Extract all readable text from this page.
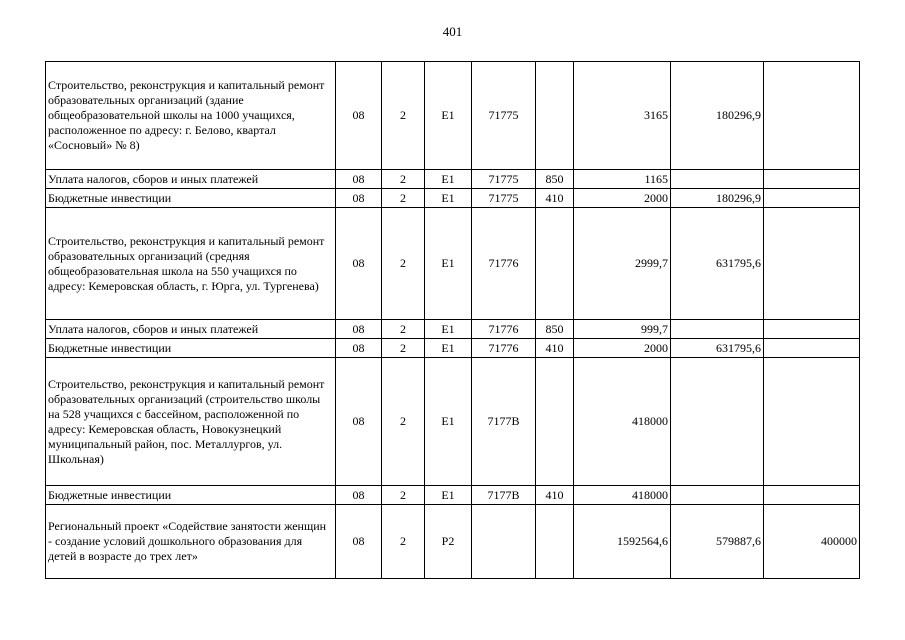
401
Строительство, реконструкция и капитальный ремонт образовательных организаций (здание общеобразовательной школы на 1000 учащихся, расположенное по адресу: г. Белово, квартал «Сосновый» № 8)	08	2	E1	71775		3165	180296,9	
Уплата налогов, сборов и иных платежей	08	2	E1	71775	850	1165		
Бюджетные инвестиции	08	2	E1	71775	410	2000	180296,9	
Строительство, реконструкция и капитальный ремонт образовательных организаций (средняя общеобразовательная школа на 550 учащихся по адресу: Кемеровская область, г. Юрга, ул. Тургенева)	08	2	E1	71776		2999,7	631795,6	
Уплата налогов, сборов и иных платежей	08	2	E1	71776	850	999,7		
Бюджетные инвестиции	08	2	E1	71776	410	2000	631795,6	
Строительство, реконструкция и капитальный ремонт образовательных организаций (строительство школы на 528 учащихся с бассейном, расположенной по адресу: Кемеровская область, Новокузнецкий муниципальный район, пос. Металлургов, ул. Школьная)	08	2	E1	7177B		418000		
Бюджетные инвестиции	08	2	E1	7177B	410	418000		
Региональный проект «Содействие занятости женщин - создание условий дошкольного образования для детей в возрасте до трех лет»	08	2	P2			1592564,6	579887,6	400000
